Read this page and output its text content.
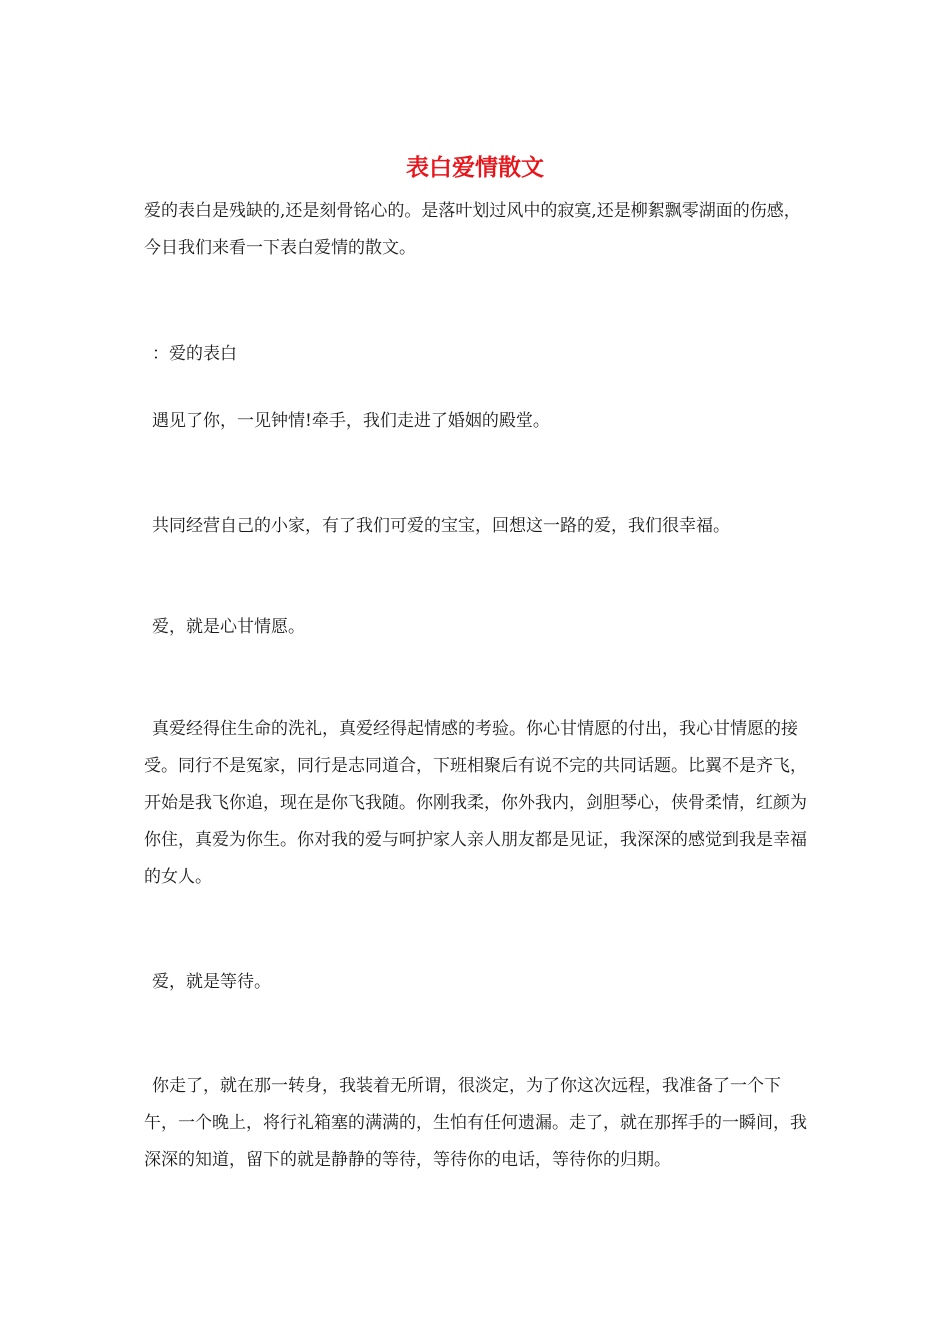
表白爱情散文

爱的表白是残缺的,还是刻骨铭心的。是落叶划过风中的寂寞,还是柳絮飘零湖面的伤感，今日我们来看一下表白爱情的散文。

：爱的表白

遇见了你，一见钟情!牵手，我们走进了婚姻的殿堂。

共同经营自己的小家，有了我们可爱的宝宝，回想这一路的爱，我们很幸福。

爱，就是心甘情愿。

真爱经得住生命的洗礼，真爱经得起情感的考验。你心甘情愿的付出，我心甘情愿的接受。同行不是冤家，同行是志同道合，下班相聚后有说不完的共同话题。比翼不是齐飞，开始是我飞你追，现在是你飞我随。你刚我柔，你外我内，剑胆琴心，侠骨柔情，红颜为你住，真爱为你生。你对我的爱与呵护家人亲人朋友都是见证，我深深的感觉到我是幸福的女人。

爱，就是等待。

你走了，就在那一转身，我装着无所谓，很淡定，为了你这次远程，我准备了一个下午，一个晚上，将行礼箱塞的满满的，生怕有任何遗漏。走了，就在那挥手的一瞬间，我深深的知道，留下的就是静静的等待，等待你的电话，等待你的归期。
